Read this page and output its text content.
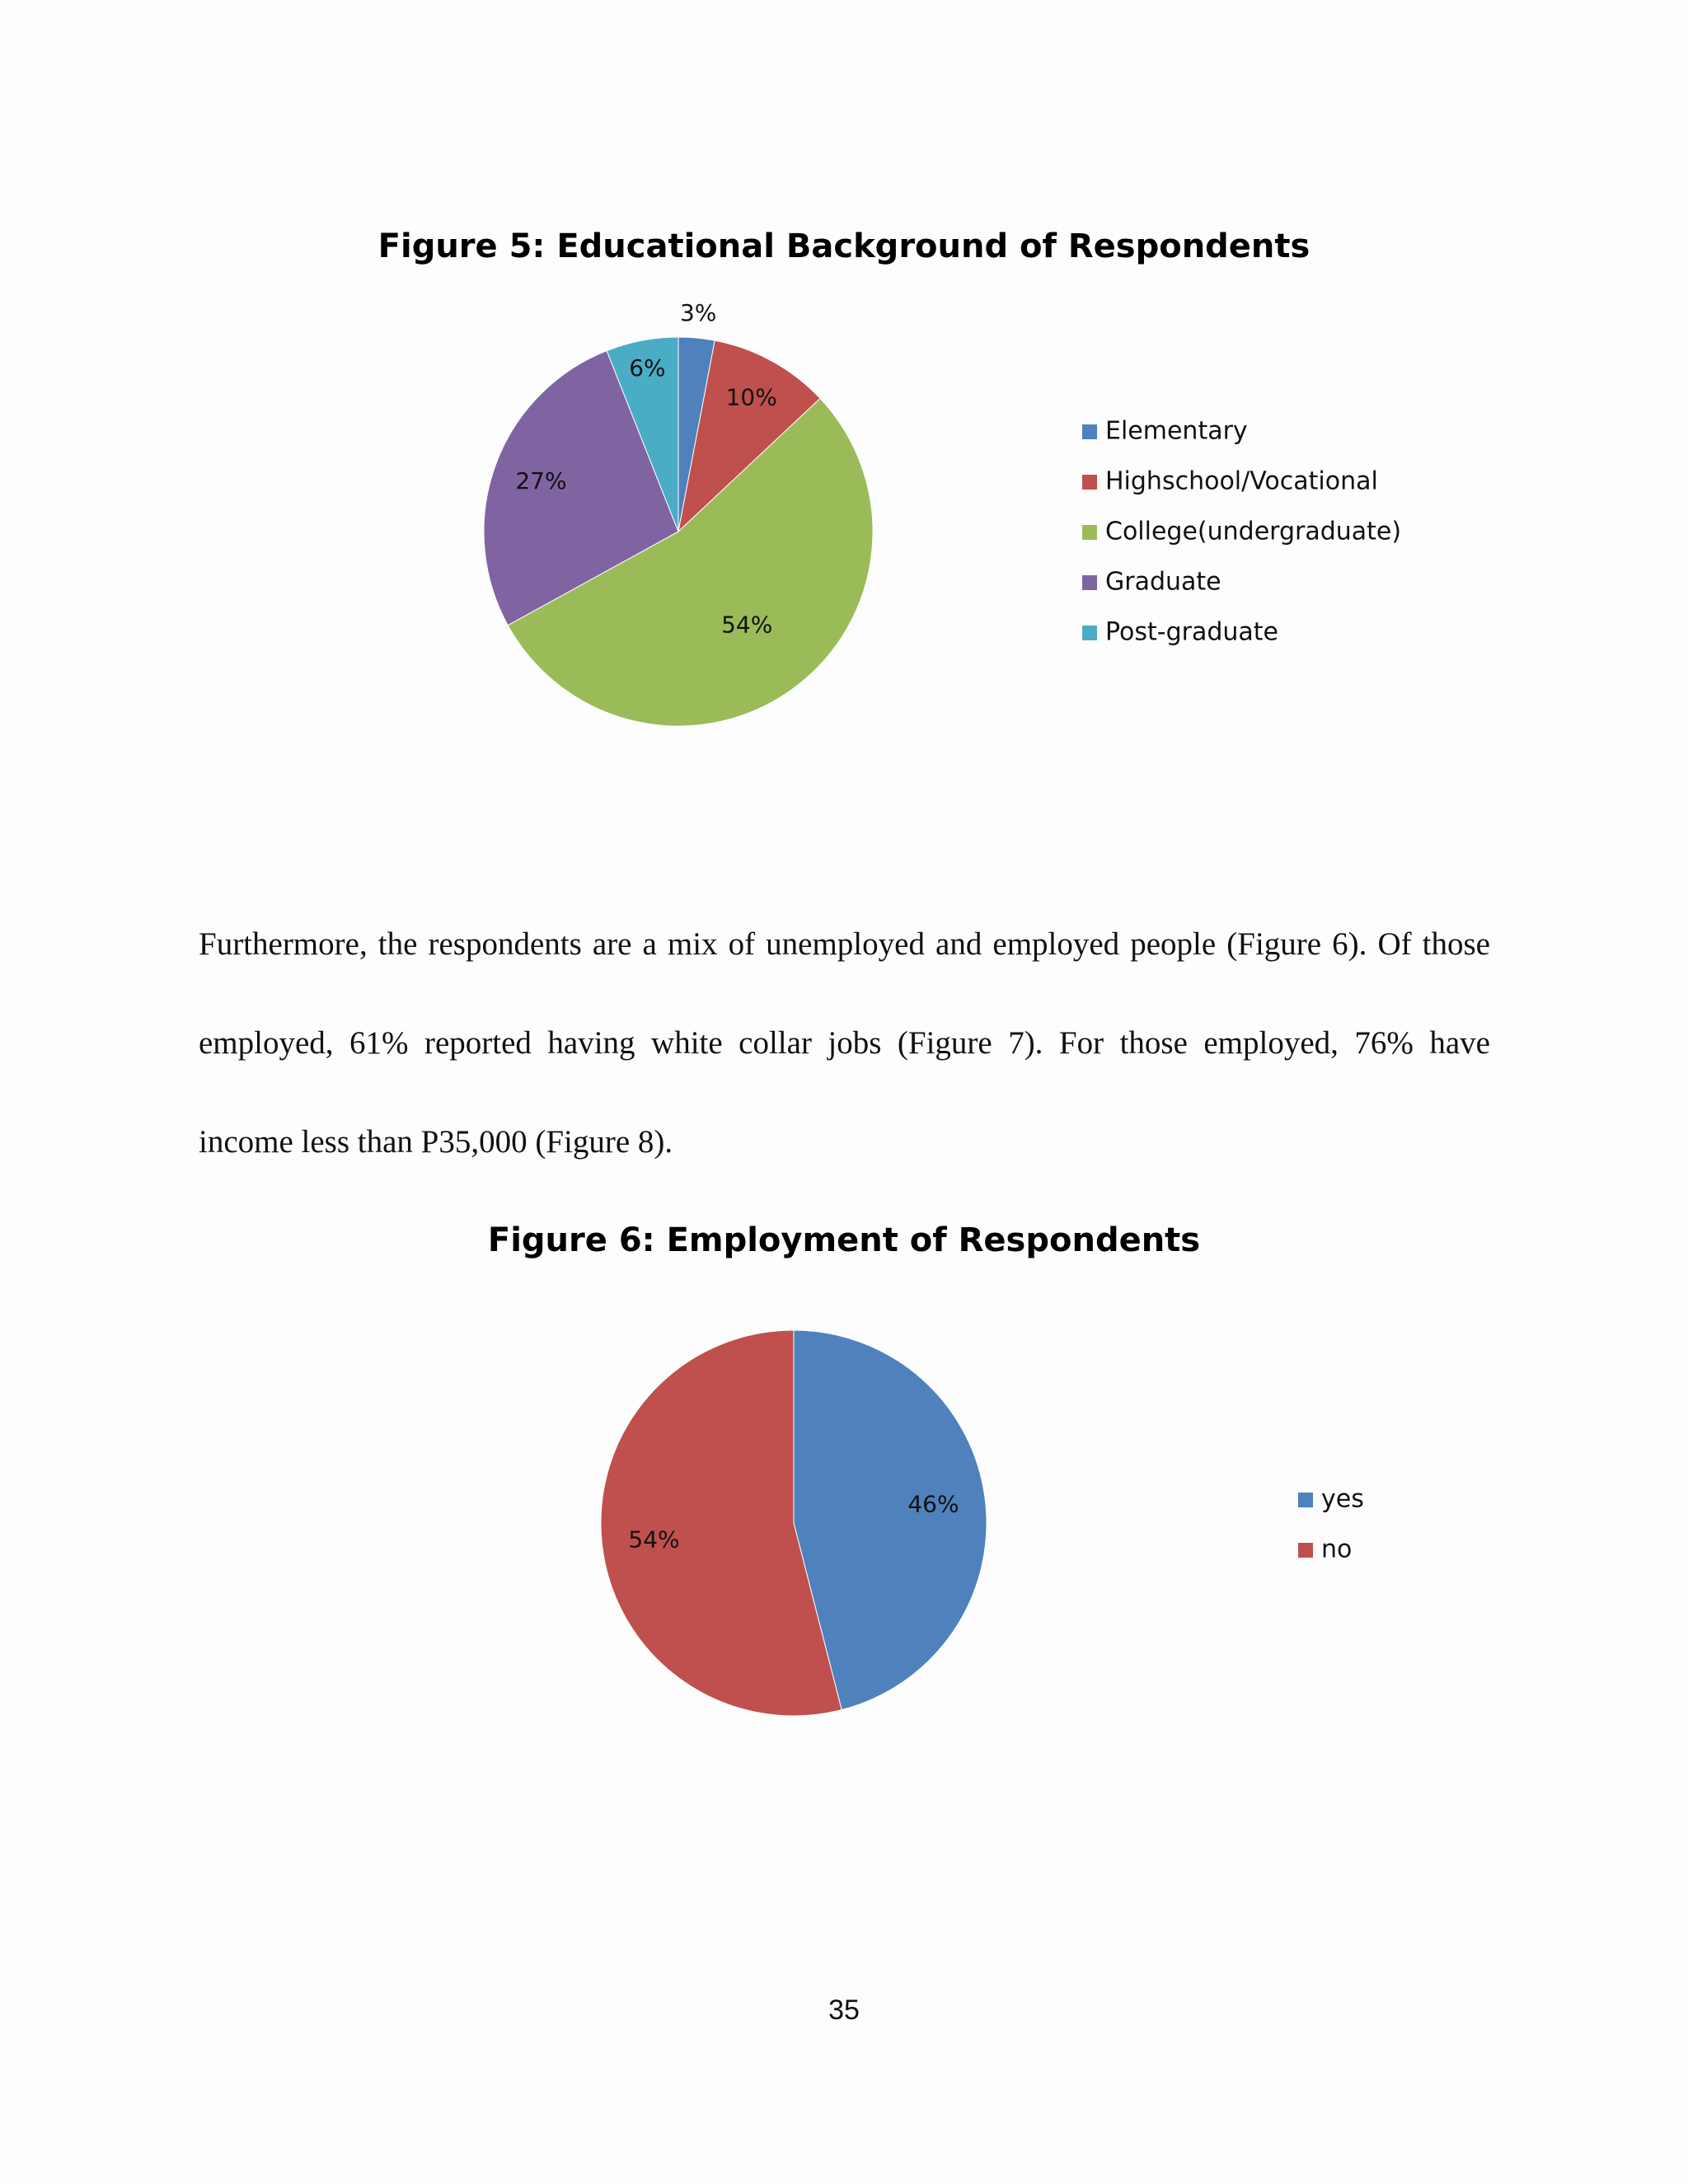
Figure 5: Educational Background of Respondents
3%
10%
54%
27%
6%
Elementary
Highschool/Vocational
College(undergraduate)
Graduate
Post-graduate
Furthermore, the respondents are a mix of unemployed and employed people (Figure 6). Of those
employed, 61% reported having white collar jobs (Figure 7). For those employed, 76% have
income less than P35,000 (Figure 8).
Figure 6: Employment of Respondents
46%
54%
yes
no
35
